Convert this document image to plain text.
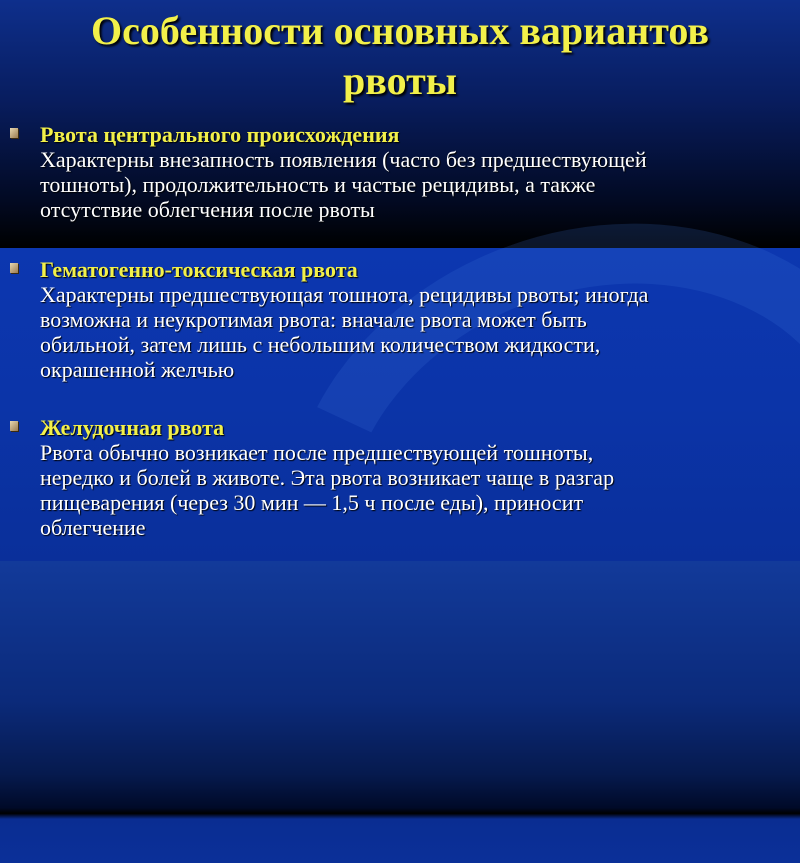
Особенности основных вариантов
рвоты
Рвота центрального происхождения
Характерны внезапность появления (часто без предшествующей
тошноты), продолжительность и частые рецидивы, а также
отсутствие облегчения после рвоты
Гематогенно-токсическая рвота
Характерны предшествующая тошнота, рецидивы рвоты; иногда
возможна и неукротимая рвота: вначале рвота может быть
обильной, затем лишь с небольшим количеством жидкости,
окрашенной желчью
Желудочная рвота
Рвота обычно возникает после предшествующей тошноты,
нередко и болей в животе. Эта рвота возникает чаще в разгар
пищеварения (через 30 мин — 1,5 ч после еды), приносит
облегчение
